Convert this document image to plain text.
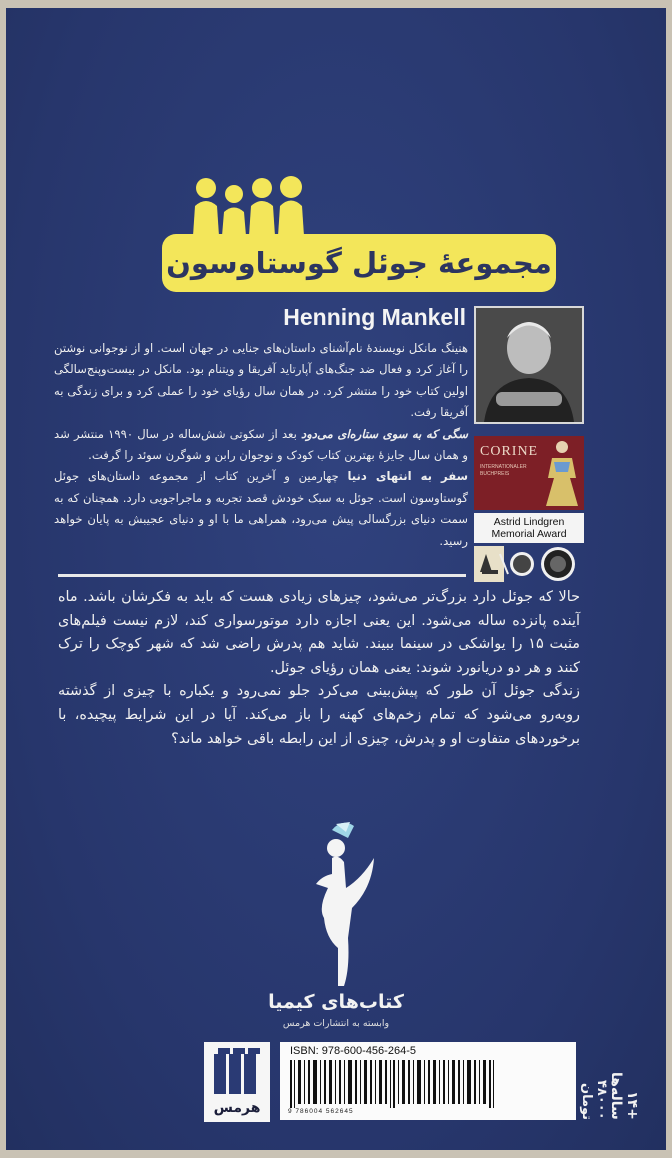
مجموعهٔ جوئل گوستاوسون
Henning Mankell

هنینگ مانکل نویسندهٔ نام‌آشنای داستان‌های جنایی در جهان است. او از نوجوانی نوشتن را آغاز کرد و فعال ضد جنگ‌های آپارتاید آفریقا و ویتنام بود. مانکل در بیست‌وپنج‌سالگی اولین کتاب خود را منتشر کرد. در همان سال رؤیای خود را عملی کرد و برای زندگی به آفریقا رفت.

سگی که به سوی ستاره‌ای می‌دود بعد از سکوتی شش‌ساله در سال ۱۹۹۰ منتشر شد و همان سال جایزهٔ بهترین کتاب کودک و نوجوان رابن و شوگرن سوئد را گرفت.

سفر به انتهای دنیا چهارمین و آخرین کتاب از مجموعه داستان‌های جوئل گوستاوسون است. جوئل به سبک خودش قصد تجربه و ماجراجویی دارد. همچنان که به سمت دنیای بزرگسالی پیش می‌رود، همراهی ما با او و دنیای عجیبش به پایان خواهد رسید.

CORINE
INTERNATIONALER BUCHPREIS
Astrid Lindgren
Memorial Award

حالا که جوئل دارد بزرگ‌تر می‌شود، چیزهای زیادی هست که باید به فکرشان باشد. ماه آینده پانزده ساله می‌شود. این یعنی اجازه دارد موتورسواری کند، لازم نیست فیلم‌های مثبت ۱۵ را یواشکی در سینما ببیند. شاید هم پدرش راضی شد که شهر کوچک را ترک کنند و هر دو دریانورد شوند: یعنی همان رؤیای جوئل.

زندگی جوئل آن طور که پیش‌بینی می‌کرد جلو نمی‌رود و یکباره با چیزی از گذشته روبه‌رو می‌شود که تمام زخم‌های کهنه را باز می‌کند. آیا در این شرایط پیچیده، با برخوردهای متفاوت او و پدرش، چیزی از این رابطه باقی خواهد ماند؟

کتاب‌های کیمیا
وابسته به انتشارات هرمس
هرمس
ISBN: 978-600-456-264-5
9 786004 562645	۴۸۰۰۰ تومان	+۱۴ ساله‌ها
